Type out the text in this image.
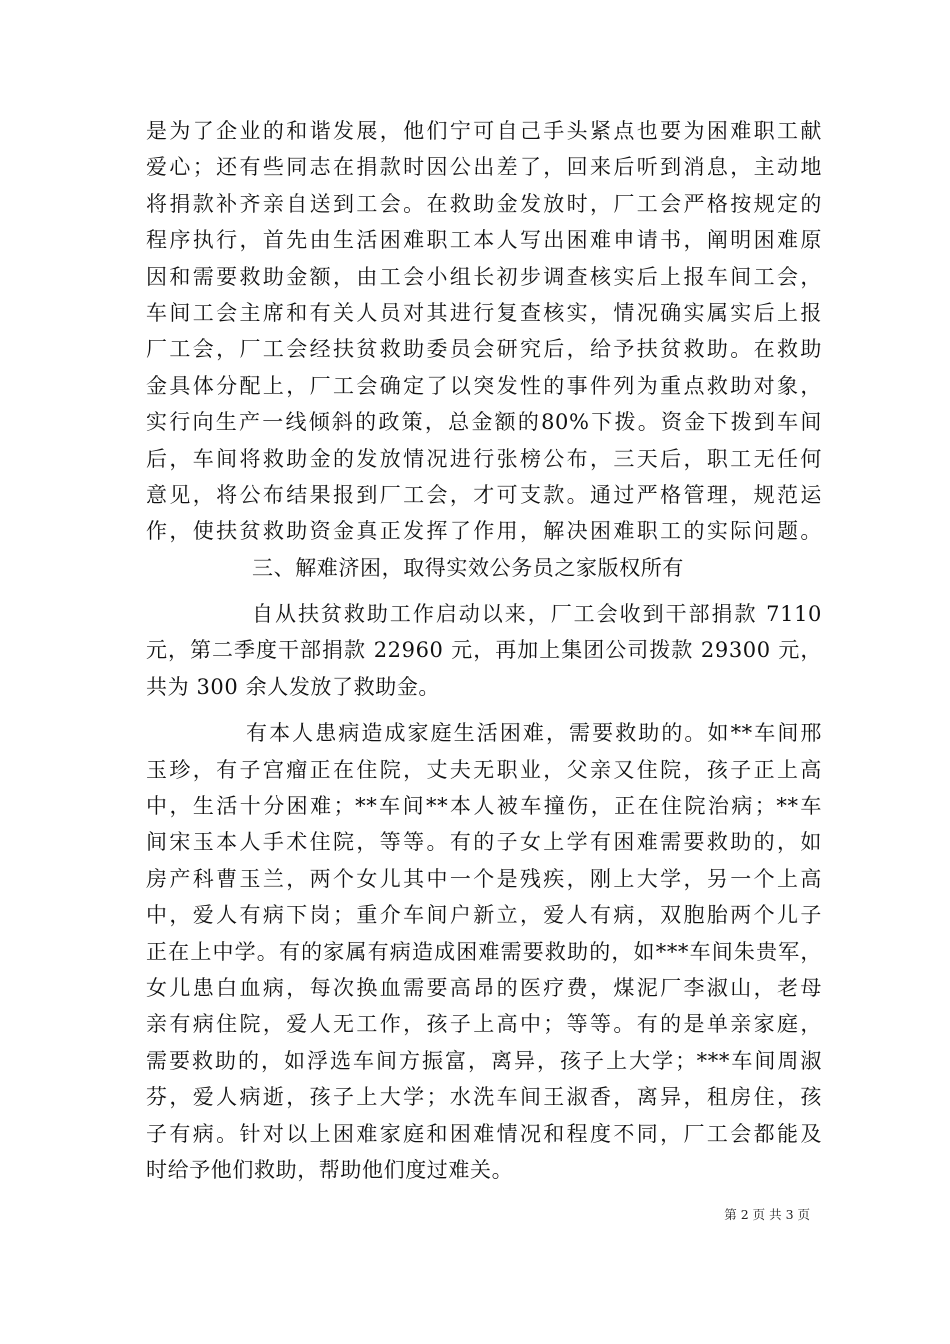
是为了企业的和谐发展，他们宁可自己手头紧点也要为困难职工献
爱心；还有些同志在捐款时因公出差了，回来后听到消息，主动地
将捐款补齐亲自送到工会。在救助金发放时，厂工会严格按规定的
程序执行，首先由生活困难职工本人写出困难申请书，阐明困难原
因和需要救助金额，由工会小组长初步调查核实后上报车间工会，
车间工会主席和有关人员对其进行复查核实，情况确实属实后上报
厂工会，厂工会经扶贫救助委员会研究后，给予扶贫救助。在救助
金具体分配上，厂工会确定了以突发性的事件列为重点救助对象，
实行向生产一线倾斜的政策，总金额的80%下拨。资金下拨到车间
后，车间将救助金的发放情况进行张榜公布，三天后，职工无任何
意见，将公布结果报到厂工会，才可支款。通过严格管理，规范运
作，使扶贫救助资金真正发挥了作用，解决困难职工的实际问题。
三、解难济困，取得实效公务员之家版权所有
自从扶贫救助工作启动以来，厂工会收到干部捐款 7110
元，第二季度干部捐款 22960 元，再加上集团公司拨款 29300 元，
共为 300 余人发放了救助金。
有本人患病造成家庭生活困难，需要救助的。如**车间邢
玉珍，有子宫瘤正在住院，丈夫无职业，父亲又住院，孩子正上高
中，生活十分困难；**车间**本人被车撞伤，正在住院治病；**车
间宋玉本人手术住院，等等。有的子女上学有困难需要救助的，如
房产科曹玉兰，两个女儿其中一个是残疾，刚上大学，另一个上高
中，爱人有病下岗；重介车间户新立，爱人有病，双胞胎两个儿子
正在上中学。有的家属有病造成困难需要救助的，如***车间朱贵军，
女儿患白血病，每次换血需要高昂的医疗费，煤泥厂李淑山，老母
亲有病住院，爱人无工作，孩子上高中；等等。有的是单亲家庭，
需要救助的，如浮选车间方振富，离异，孩子上大学；***车间周淑
芬，爱人病逝，孩子上大学；水洗车间王淑香，离异，租房住，孩
子有病。针对以上困难家庭和困难情况和程度不同，厂工会都能及
时给予他们救助，帮助他们度过难关。
第 2 页 共 3 页
